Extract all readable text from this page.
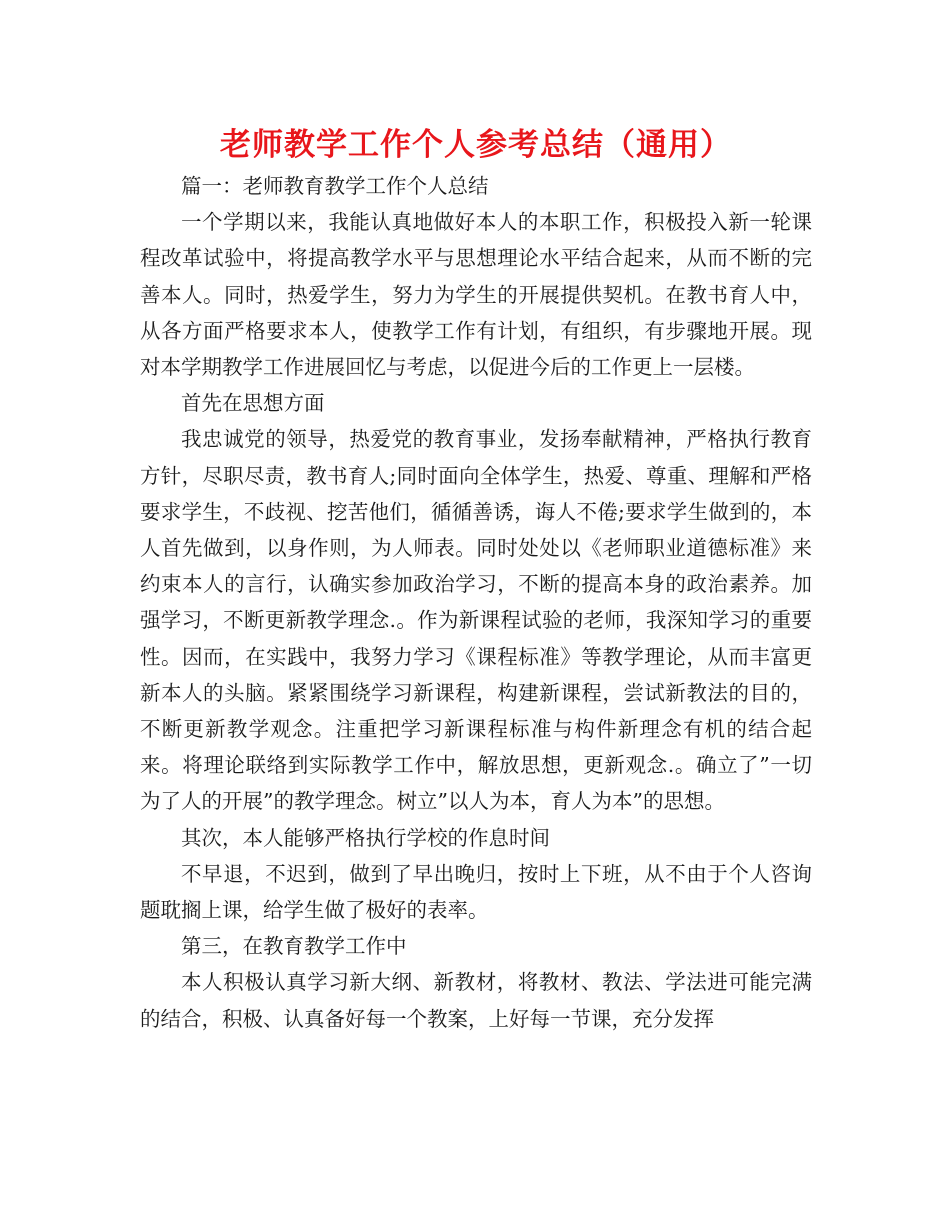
老师教学工作个人参考总结（通用）

篇一：老师教育教学工作个人总结

一个学期以来，我能认真地做好本人的本职工作，积极投入新一轮课程改革试验中，将提高教学水平与思想理论水平结合起来，从而不断的完善本人。同时，热爱学生，努力为学生的开展提供契机。在教书育人中，从各方面严格要求本人，使教学工作有计划，有组织，有步骤地开展。现对本学期教学工作进展回忆与考虑，以促进今后的工作更上一层楼。

首先在思想方面

我忠诚党的领导，热爱党的教育事业，发扬奉献精神，严格执行教育方针，尽职尽责，教书育人;同时面向全体学生，热爱、尊重、理解和严格要求学生，不歧视、挖苦他们，循循善诱，诲人不倦;要求学生做到的，本人首先做到，以身作则，为人师表。同时处处以《老师职业道德标准》来约束本人的言行，认确实参加政治学习，不断的提高本身的政治素养。加强学习，不断更新教学理念.。作为新课程试验的老师，我深知学习的重要性。因而，在实践中，我努力学习《课程标准》等教学理论，从而丰富更新本人的头脑。紧紧围绕学习新课程，构建新课程，尝试新教法的目的，不断更新教学观念。注重把学习新课程标准与构件新理念有机的结合起来。将理论联络到实际教学工作中，解放思想，更新观念.。确立了”一切为了人的开展”的教学理念。树立”以人为本，育人为本”的思想。

其次，本人能够严格执行学校的作息时间

不早退，不迟到，做到了早出晚归，按时上下班，从不由于个人咨询题耽搁上课，给学生做了极好的表率。

第三，在教育教学工作中

本人积极认真学习新大纲、新教材，将教材、教法、学法进可能完满的结合，积极、认真备好每一个教案，上好每一节课，充分发挥
